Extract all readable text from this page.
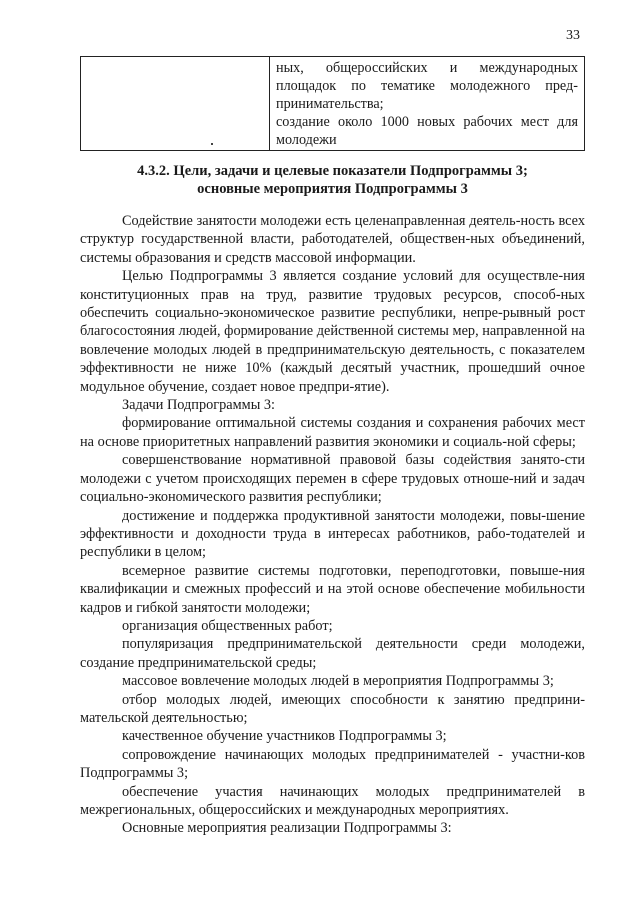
33

ных, общероссийских и международных площадок по тематике молодежного пред-принимательства;
создание около 1000 новых рабочих мест для молодежи
4.3.2. Цели, задачи и целевые показатели Подпрограммы 3;
основные мероприятия Подпрограммы 3

Содействие занятости молодежи есть целенаправленная деятель-ность всех структур государственной власти, работодателей, обществен-ных объединений, системы образования и средств массовой информации.

Целью Подпрограммы 3 является создание условий для осуществле-ния конституционных прав на труд, развитие трудовых ресурсов, способ-ных обеспечить социально-экономическое развитие республики, непре-рывный рост благосостояния людей, формирование действенной системы мер, направленной на вовлечение молодых людей в предпринимательскую деятельность, с показателем эффективности не ниже 10% (каждый десятый участник, прошедший очное модульное обучение, создает новое предпри-ятие).

Задачи Подпрограммы 3:

формирование оптимальной системы создания и сохранения рабочих мест на основе приоритетных направлений развития экономики и социаль-ной сферы;

совершенствование нормативной правовой базы содействия занято-сти молодежи с учетом происходящих перемен в сфере трудовых отноше-ний и задач социально-экономического развития республики;

достижение и поддержка продуктивной занятости молодежи, повы-шение эффективности и доходности труда в интересах работников, рабо-тодателей и республики в целом;

всемерное развитие системы подготовки, переподготовки, повыше-ния квалификации и смежных профессий и на этой основе обеспечение мобильности кадров и гибкой занятости молодежи;

организация общественных работ;

популяризация предпринимательской деятельности среди молодежи, создание предпринимательской среды;

массовое вовлечение молодых людей в мероприятия Подпрограммы 3;

отбор молодых людей, имеющих способности к занятию предприни-мательской деятельностью;

качественное обучение участников Подпрограммы 3;

сопровождение начинающих молодых предпринимателей - участни-ков Подпрограммы 3;

обеспечение участия начинающих молодых предпринимателей в межрегиональных, общероссийских и международных мероприятиях.

Основные мероприятия реализации Подпрограммы 3:
